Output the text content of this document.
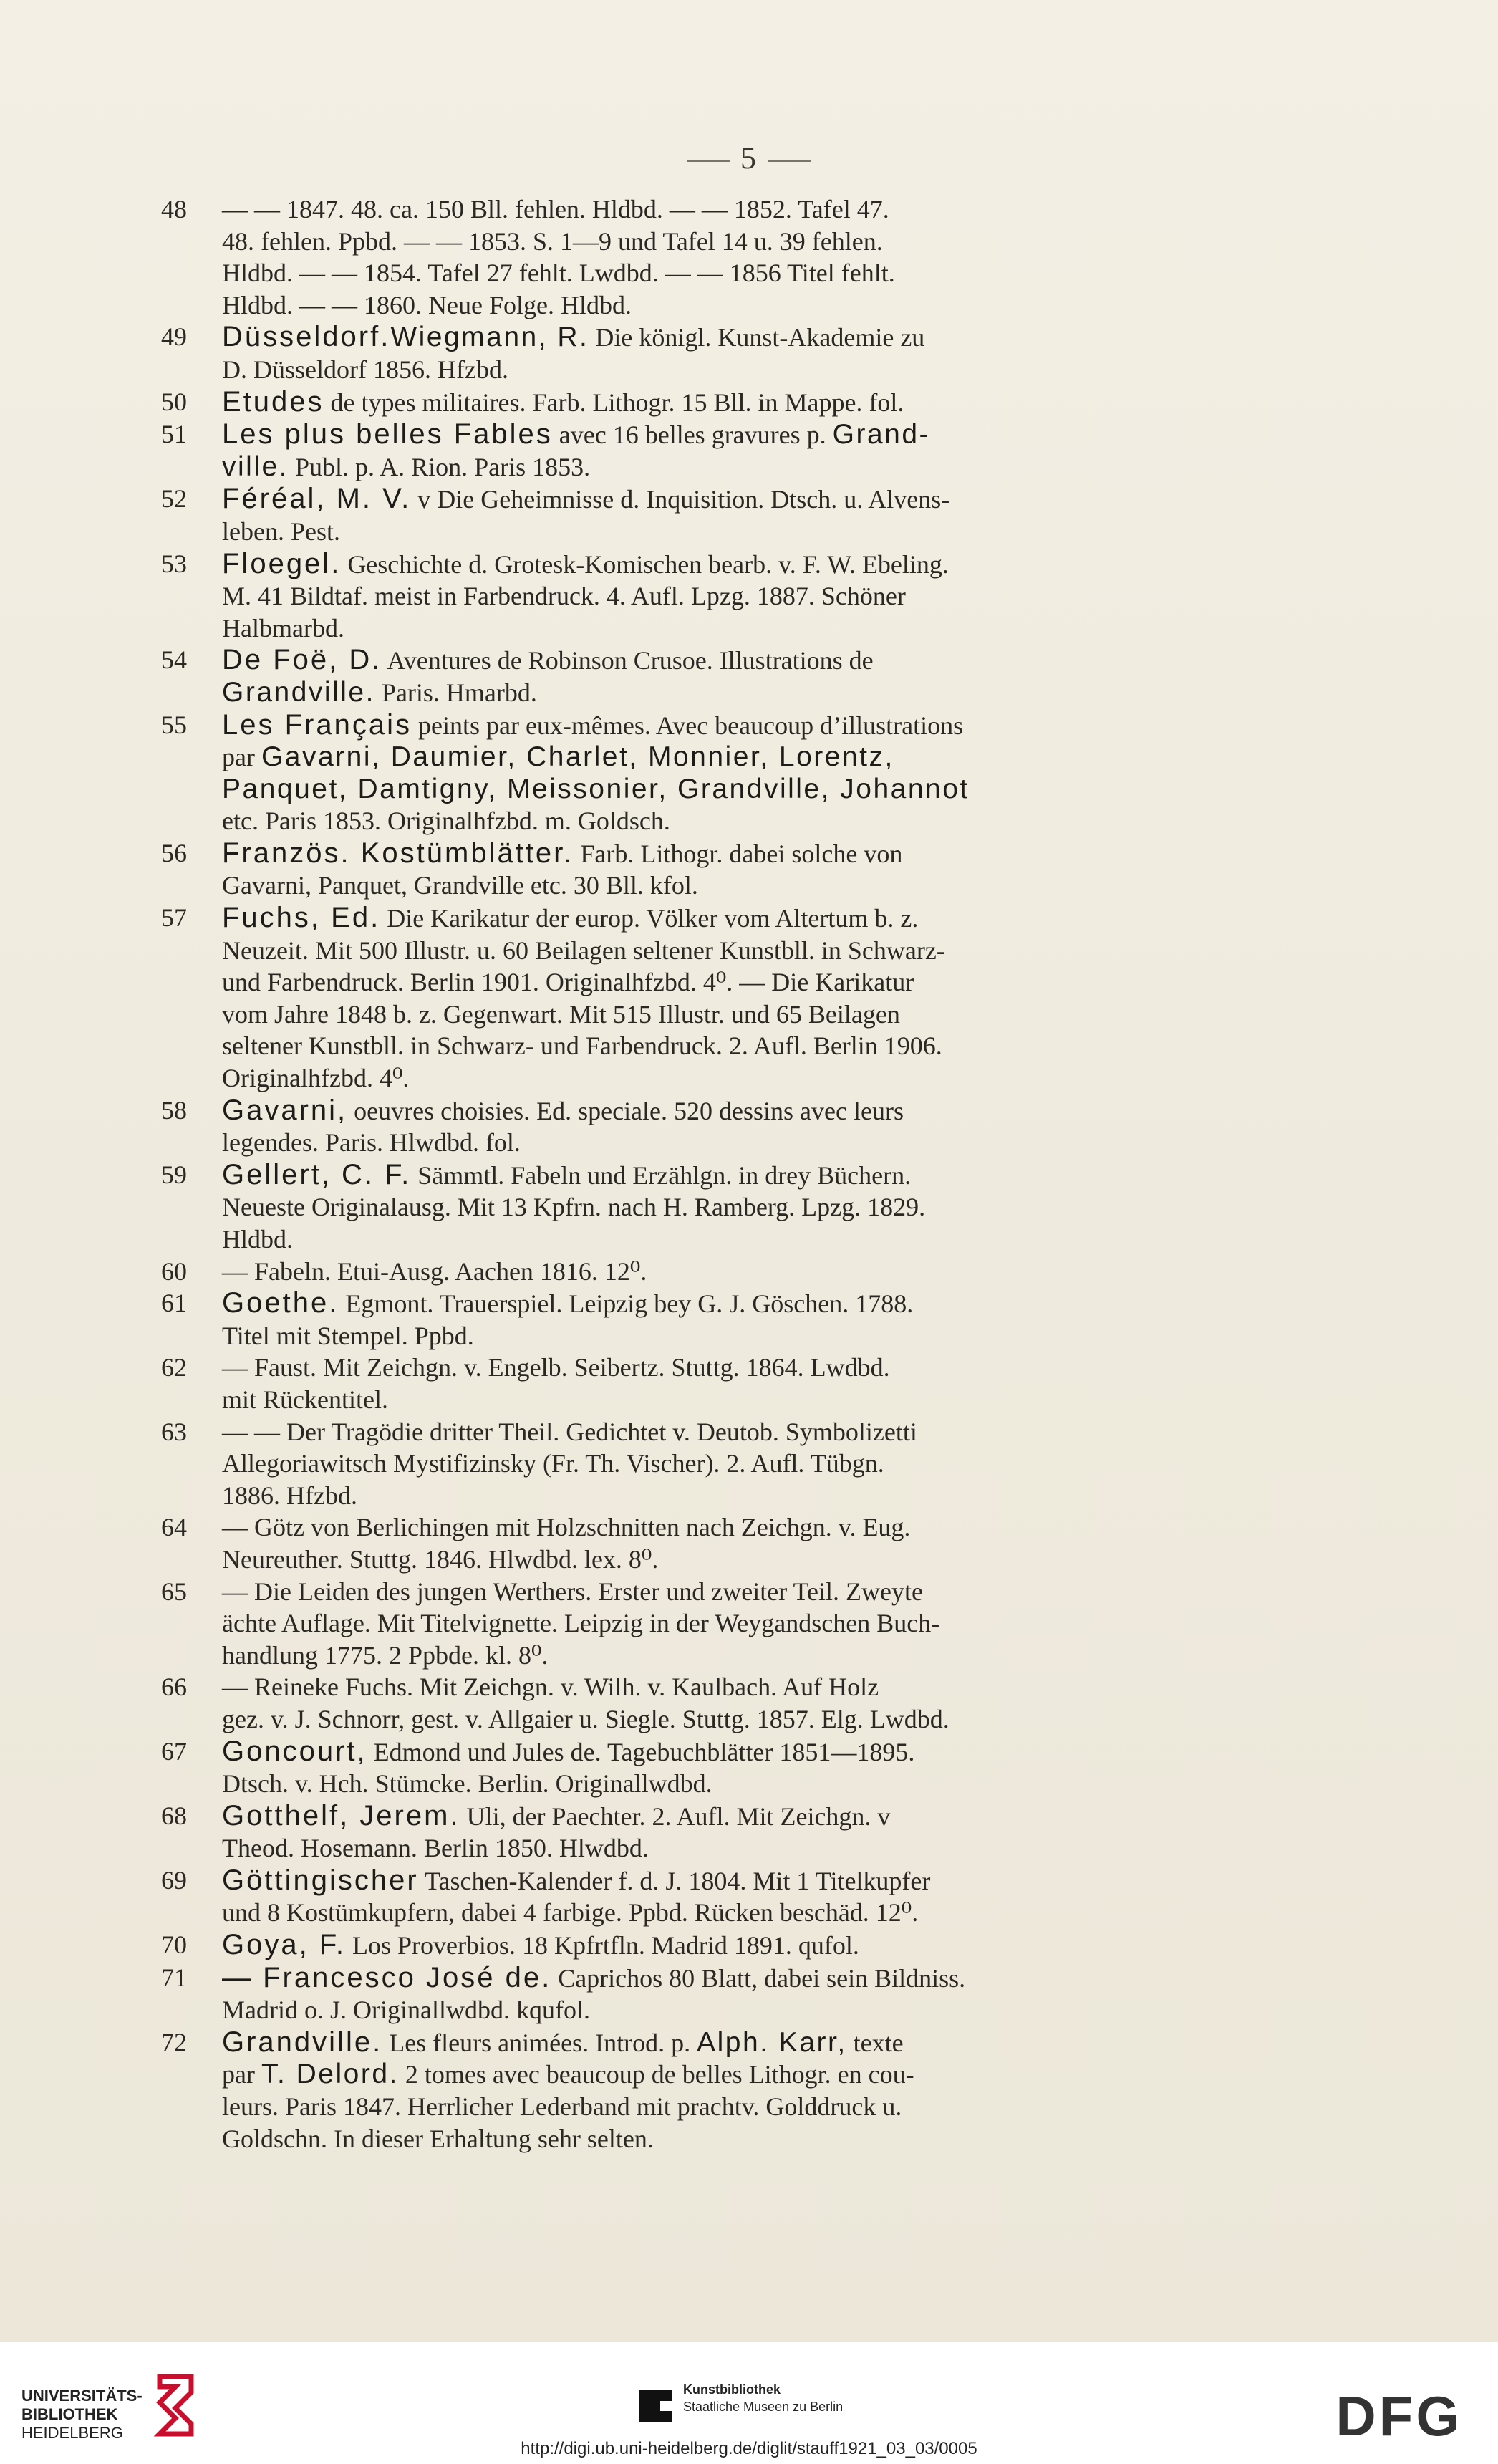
5
48	— — 1847. 48. ca. 150 Bll. fehlen. Hldbd. — — 1852. Tafel 47.
48. fehlen. Ppbd. — — 1853. S. 1—9 und Tafel 14 u. 39 fehlen.
Hldbd. — — 1854. Tafel 27 fehlt. Lwdbd. — — 1856 Titel fehlt.
Hldbd. — — 1860. Neue Folge. Hldbd.
49	Düsseldorf.Wiegmann, R. Die königl. Kunst-Akademie zu
D. Düsseldorf 1856. Hfzbd.
50	Etudes de types militaires. Farb. Lithogr. 15 Bll. in Mappe. fol.
51	Les plus belles Fables avec 16 belles gravures p. Grand-
ville. Publ. p. A. Rion. Paris 1853.
52	Féréal, M. V. v Die Geheimnisse d. Inquisition. Dtsch. u. Alvens-
leben. Pest.
53	Floegel. Geschichte d. Grotesk-Komischen bearb. v. F. W. Ebeling.
M. 41 Bildtaf. meist in Farbendruck. 4. Aufl. Lpzg. 1887. Schöner
Halbmarbd.
54	De Foë, D. Aventures de Robinson Crusoe. Illustrations de
Grandville. Paris. Hmarbd.
55	Les Français peints par eux-mêmes. Avec beaucoup d’illustrations
par Gavarni, Daumier, Charlet, Monnier, Lorentz,
Panquet, Damtigny, Meissonier, Grandville, Johannot
etc. Paris 1853. Originalhfzbd. m. Goldsch.
56	Französ. Kostümblätter. Farb. Lithogr. dabei solche von
Gavarni, Panquet, Grandville etc. 30 Bll. kfol.
57	Fuchs, Ed. Die Karikatur der europ. Völker vom Altertum b. z.
Neuzeit. Mit 500 Illustr. u. 60 Beilagen seltener Kunstbll. in Schwarz-
und Farbendruck. Berlin 1901. Originalhfzbd. 4⁰. — Die Karikatur
vom Jahre 1848 b. z. Gegenwart. Mit 515 Illustr. und 65 Beilagen
seltener Kunstbll. in Schwarz- und Farbendruck. 2. Aufl. Berlin 1906.
Originalhfzbd. 4⁰.
58	Gavarni, oeuvres choisies. Ed. speciale. 520 dessins avec leurs
legendes. Paris. Hlwdbd. fol.
59	Gellert, C. F. Sämmtl. Fabeln und Erzählgn. in drey Büchern.
Neueste Originalausg. Mit 13 Kpfrn. nach H. Ramberg. Lpzg. 1829.
Hldbd.
60	— Fabeln. Etui-Ausg. Aachen 1816. 12⁰.
61	Goethe. Egmont. Trauerspiel. Leipzig bey G. J. Göschen. 1788.
Titel mit Stempel. Ppbd.
62	— Faust. Mit Zeichgn. v. Engelb. Seibertz. Stuttg. 1864. Lwdbd.
mit Rückentitel.
63	— — Der Tragödie dritter Theil. Gedichtet v. Deutob. Symbolizetti
Allegoriawitsch Mystifizinsky (Fr. Th. Vischer). 2. Aufl. Tübgn.
1886. Hfzbd.
64	— Götz von Berlichingen mit Holzschnitten nach Zeichgn. v. Eug.
Neureuther. Stuttg. 1846. Hlwdbd. lex. 8⁰.
65	— Die Leiden des jungen Werthers. Erster und zweiter Teil. Zweyte
ächte Auflage. Mit Titelvignette. Leipzig in der Weygandschen Buch-
handlung 1775. 2 Ppbde. kl. 8⁰.
66	— Reineke Fuchs. Mit Zeichgn. v. Wilh. v. Kaulbach. Auf Holz
gez. v. J. Schnorr, gest. v. Allgaier u. Siegle. Stuttg. 1857. Elg. Lwdbd.
67	Goncourt, Edmond und Jules de. Tagebuchblätter 1851—1895.
Dtsch. v. Hch. Stümcke. Berlin. Originallwdbd.
68	Gotthelf, Jerem. Uli, der Paechter. 2. Aufl. Mit Zeichgn. v
Theod. Hosemann. Berlin 1850. Hlwdbd.
69	Göttingischer Taschen-Kalender f. d. J. 1804. Mit 1 Titelkupfer
und 8 Kostümkupfern, dabei 4 farbige. Ppbd. Rücken beschäd. 12⁰.
70	Goya, F. Los Proverbios. 18 Kpfrtfln. Madrid 1891. qufol.
71	— Francesco José de. Caprichos 80 Blatt, dabei sein Bildniss.
Madrid o. J. Originallwdbd. kqufol.
72	Grandville. Les fleurs animées. Introd. p. Alph. Karr, texte
par T. Delord. 2 tomes avec beaucoup de belles Lithogr. en cou-
leurs. Paris 1847. Herrlicher Lederband mit prachtv. Golddruck u.
Goldschn. In dieser Erhaltung sehr selten.
UNIVERSITÄTS-
BIBLIOTHEK
HEIDELBERG
Kunstbibliothek
Staatliche Museen zu Berlin	DFG
http://digi.ub.uni-heidelberg.de/diglit/stauff1921_03_03/0005
